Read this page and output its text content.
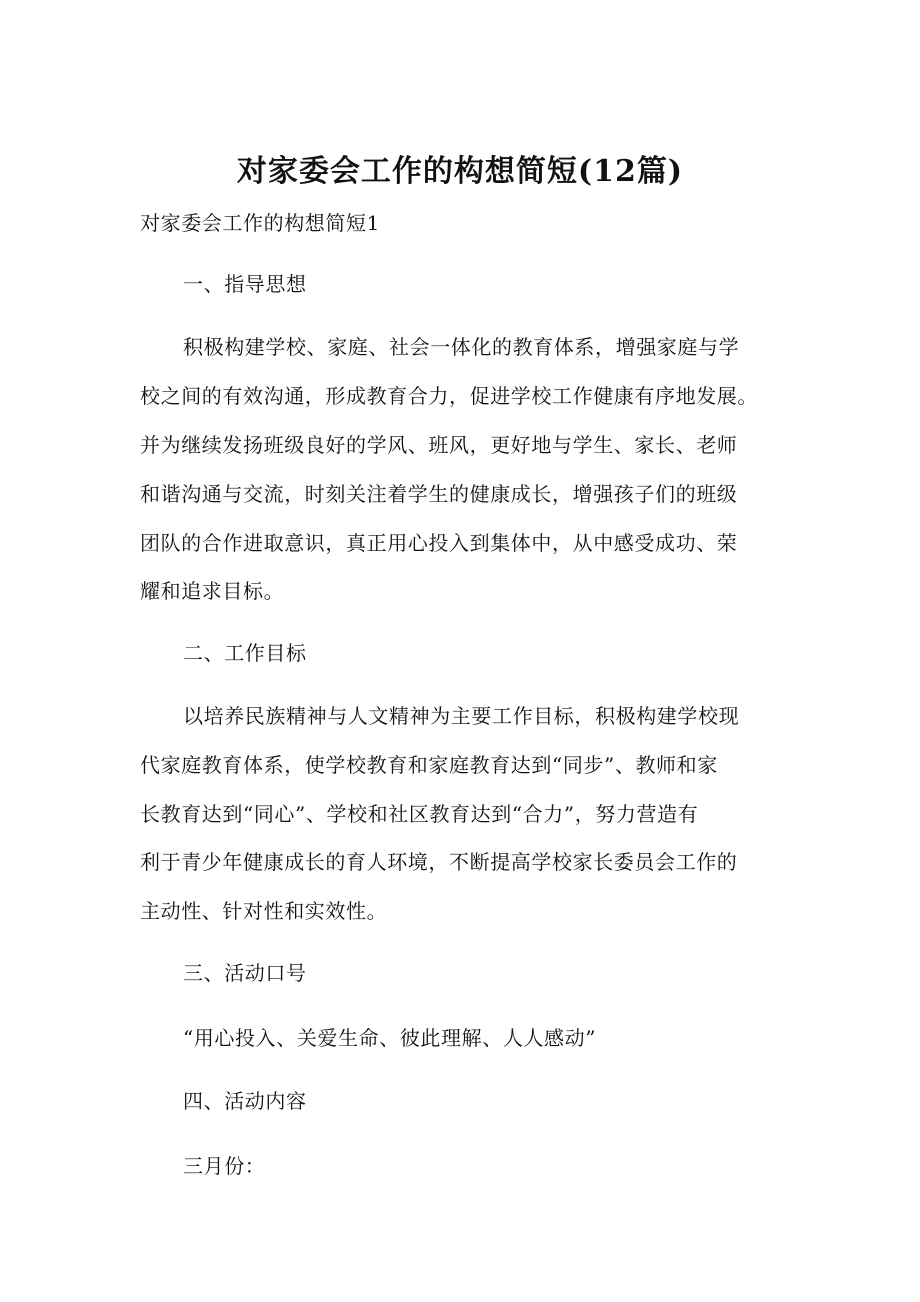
对家委会工作的构想简短(12篇)
对家委会工作的构想简短1
一、指导思想
积极构建学校、家庭、社会一体化的教育体系，增强家庭与学
校之间的有效沟通，形成教育合力，促进学校工作健康有序地发展。
并为继续发扬班级良好的学风、班风，更好地与学生、家长、老师
和谐沟通与交流，时刻关注着学生的健康成长，增强孩子们的班级
团队的合作进取意识，真正用心投入到集体中，从中感受成功、荣
耀和追求目标。
二、工作目标
以培养民族精神与人文精神为主要工作目标，积极构建学校现
代家庭教育体系，使学校教育和家庭教育达到“同步”、教师和家
长教育达到“同心”、学校和社区教育达到“合力”，努力营造有
利于青少年健康成长的育人环境，不断提高学校家长委员会工作的
主动性、针对性和实效性。
三、活动口号
“用心投入、关爱生命、彼此理解、人人感动”
四、活动内容
三月份：
